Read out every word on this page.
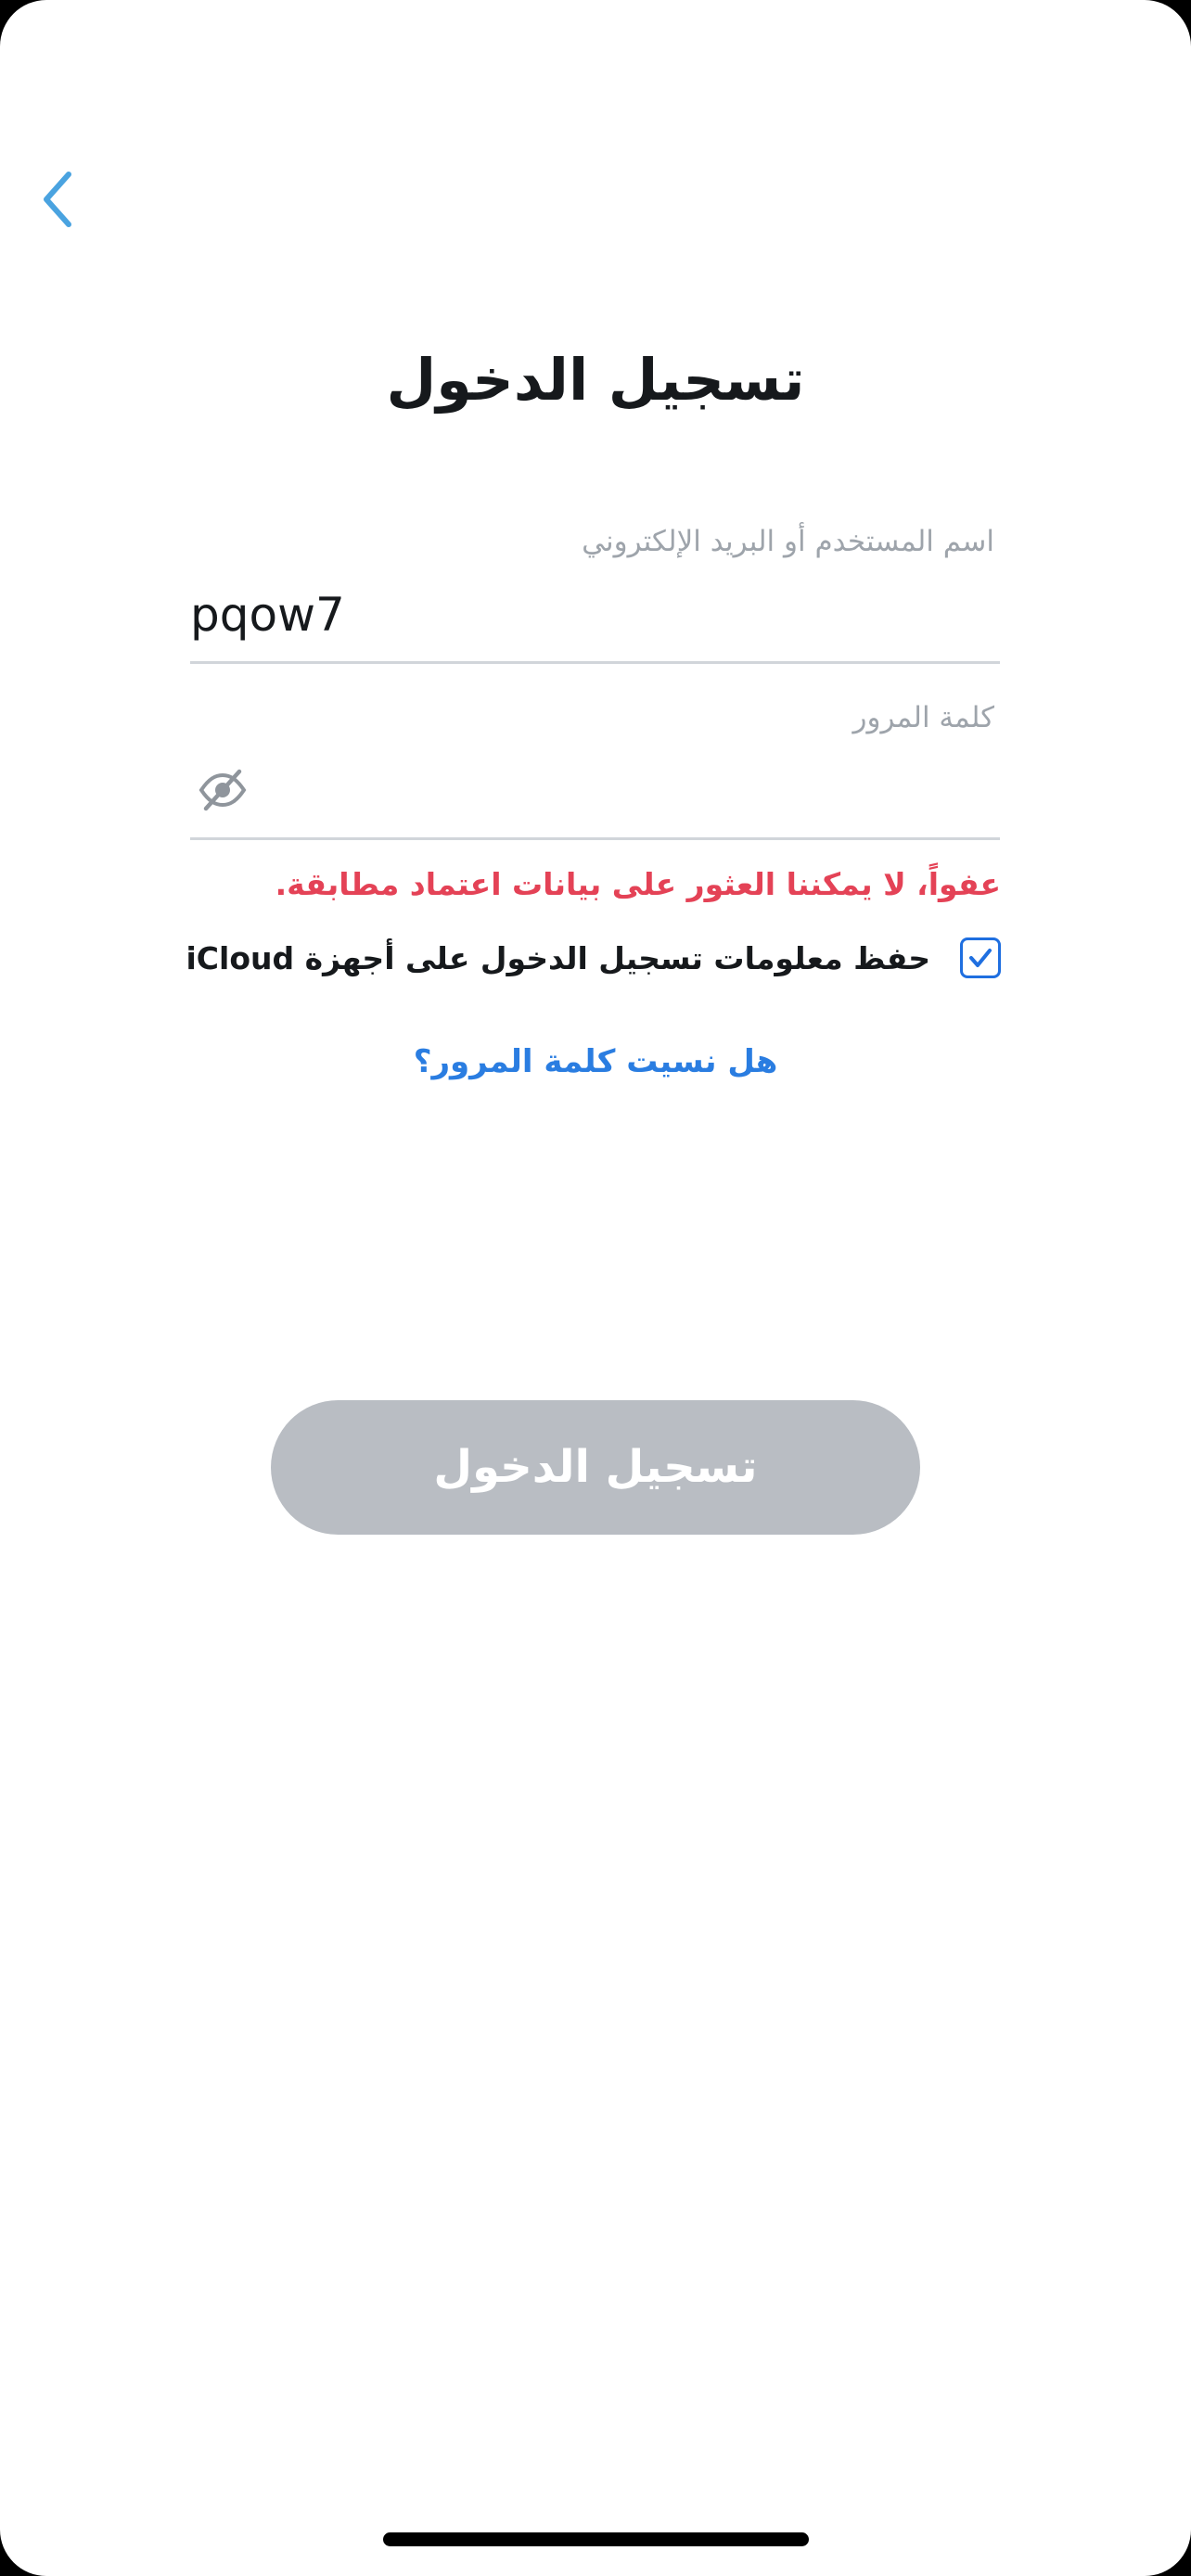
تسجيل الدخول
اسم المستخدم أو البريد الإلكتروني
pqow7
كلمة المرور
عفواً، لا يمكننا العثور على بيانات اعتماد مطابقة.
حفظ معلومات تسجيل الدخول على أجهزة iCloud
هل نسيت كلمة المرور؟
تسجيل الدخول
